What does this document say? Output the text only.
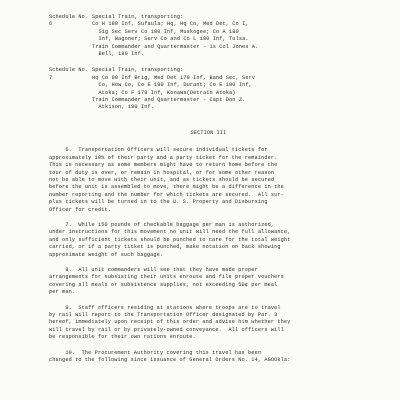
Schedule No. 6
Special Train, transporting:
Co H 180 Inf, Sufaula; Hq, Hq Co, Med Det, Co I,
Sig Sec Serv Co 180 Inf, Muskogee; Co A 180
Inf, Wagoner; Serv Co and Co L 180 Inf, Tulsa.
Train Commander and Quartermaster - 1s Col Jones A.
Bell, 180 Inf.
Schedule No. 7
Special Train, transporting:
Hq Co 90 Inf Brig, Med Det 179 Inf, Band Sec, Serv
Co, How Co, Co E 180 Inf, Durant; Co E 180 Inf,
Atoka; Co F 179 Inf, Konawa(Detrain Atoka)
Train Commander and Quartermaster - Capt Don Z.
Atkison, 180 Inf.
SECTION III
6.  Transportation Officers will secure individual tickets for
approximately 10% of their party and a party ticket for the remainder.
This is necessary as some members might have to return home before the
tour of duty is over, or remain in hospital, or for some other reason
not be able to move with their unit, and as tickets should be secured
before the unit is assembled to move, there might be a difference in the
number reporting and the number for which tickets are secured.  All sur-
plus tickets will be turned in to the U. S. Property and Disbursing
Officer for credit.
7.  While 150 pounds of checkable baggage per man is authorized,
under instructions for this movement no unit will need the full allowance,
and only sufficient tickets should be punched to care for the total weight
carried, or if a party ticket is punched, make notation on back showing
approximate weight of such baggage.
8.  All unit commanders will see that they have made proper
arrangements for subsisting their units enroute and file proper vouchers
covering all meals or subsistence supplies, not exceeding 50¢ per meal
per man.
9.  Staff officers residing at stations where troops are to travel
by rail will report to the Transportation Officer designated by Par. 3
hereof, immediately upon receipt of this order and advise him whether they
will travel by rail or by privately-owned conveyance.  All officers will
be responsible for their own rations enroute.
10.  The Procurement Authority covering this travel has been
changed to the following since issuance of General Orders No. 14, AGOOkla:
